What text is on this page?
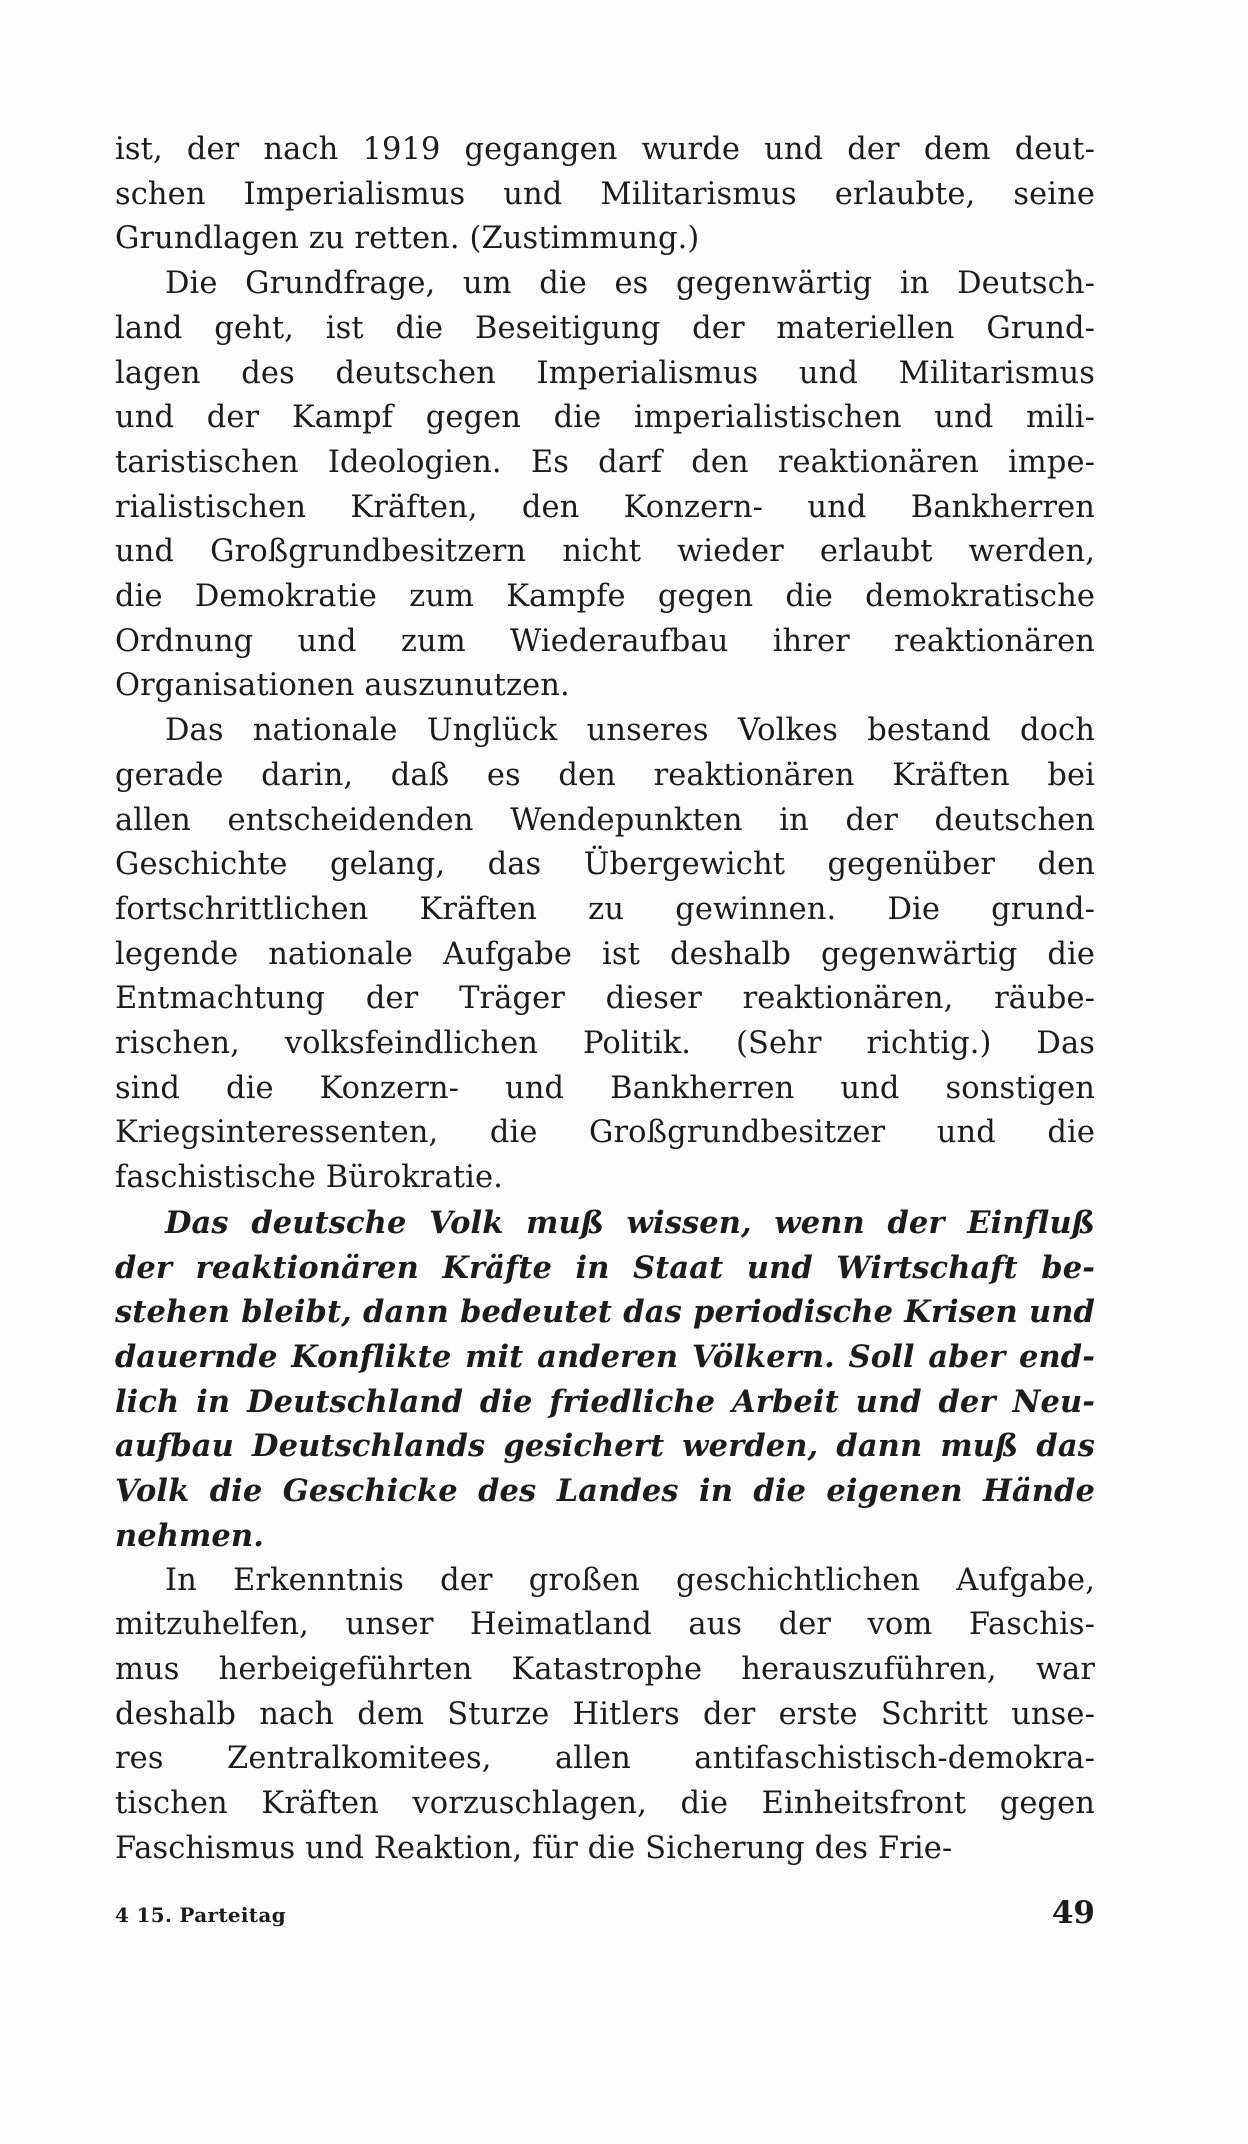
ist, der nach 1919 gegangen wurde und der dem deut-
schen Imperialismus und Militarismus erlaubte, seine
Grundlagen zu retten. (Zustimmung.)

Die Grundfrage, um die es gegenwärtig in Deutsch-
land geht, ist die Beseitigung der materiellen Grund-
lagen des deutschen Imperialismus und Militarismus
und der Kampf gegen die imperialistischen und mili-
taristischen Ideologien. Es darf den reaktionären impe-
rialistischen Kräften, den Konzern- und Bankherren
und Großgrundbesitzern nicht wieder erlaubt werden,
die Demokratie zum Kampfe gegen die demokratische
Ordnung und zum Wiederaufbau ihrer reaktionären
Organisationen auszunutzen.

Das nationale Unglück unseres Volkes bestand doch
gerade darin, daß es den reaktionären Kräften bei
allen entscheidenden Wendepunkten in der deutschen
Geschichte gelang, das Übergewicht gegenüber den
fortschrittlichen Kräften zu gewinnen. Die grund-
legende nationale Aufgabe ist deshalb gegenwärtig die
Entmachtung der Träger dieser reaktionären, räube-
rischen, volksfeindlichen Politik. (Sehr richtig.) Das
sind die Konzern- und Bankherren und sonstigen
Kriegsinteressenten, die Großgrundbesitzer und die
faschistische Bürokratie.

Das deutsche Volk muß wissen, wenn der Einfluß
der reaktionären Kräfte in Staat und Wirtschaft be-
stehen bleibt, dann bedeutet das periodische Krisen und
dauernde Konflikte mit anderen Völkern. Soll aber end-
lich in Deutschland die friedliche Arbeit und der Neu-
aufbau Deutschlands gesichert werden, dann muß das
Volk die Geschicke des Landes in die eigenen Hände
nehmen.

In Erkenntnis der großen geschichtlichen Aufgabe,
mitzuhelfen, unser Heimatland aus der vom Faschis-
mus herbeigeführten Katastrophe herauszuführen, war
deshalb nach dem Sturze Hitlers der erste Schritt unse-
res Zentralkomitees, allen antifaschistisch-demokra-
tischen Kräften vorzuschlagen, die Einheitsfront gegen
Faschismus und Reaktion, für die Sicherung des Frie-

4 15. Parteitag	49
